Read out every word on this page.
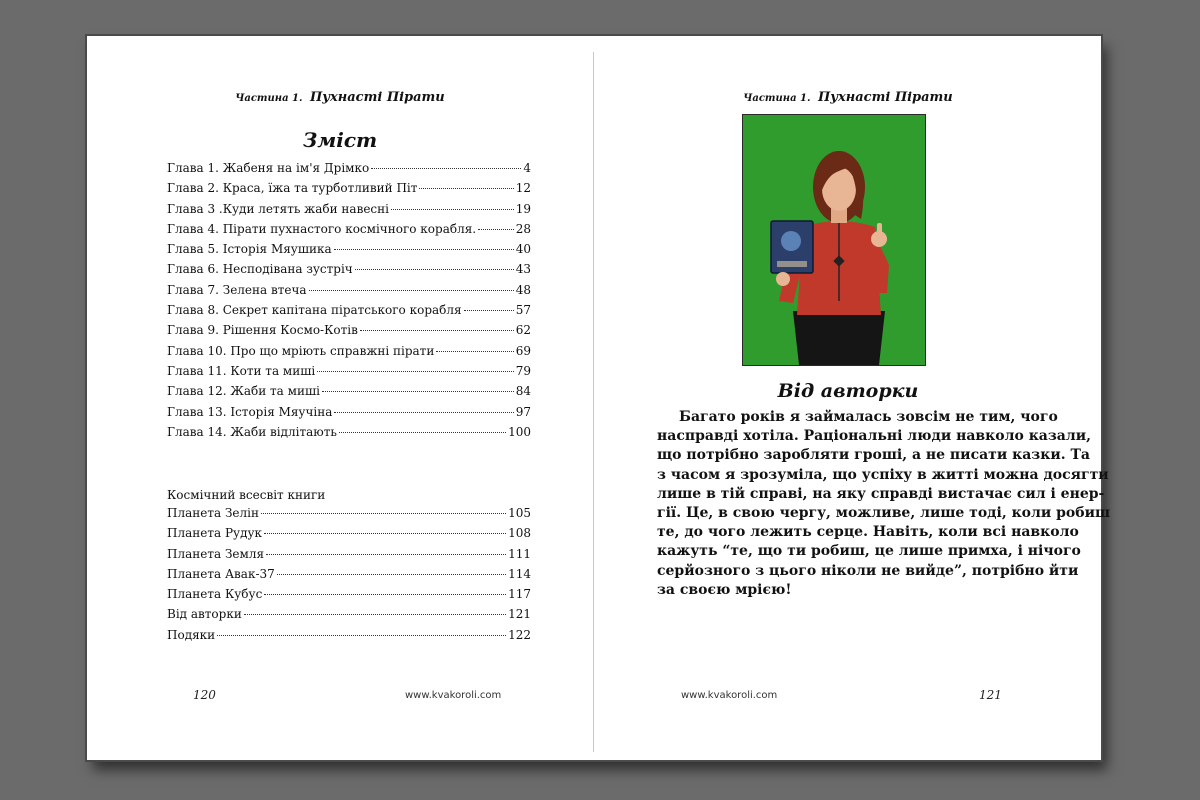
Частина 1. Пухнасті Пірати
Зміст
Глава 1. Жабеня на ім'я Дрімко	4
Глава 2. Краса, їжа та турботливий Піт	12
Глава 3 .Куди летять жаби навесні	19
Глава 4. Пірати пухнастого космічного корабля.	28
Глава 5. Історія Мяушика	40
Глава 6. Несподівана зустріч	43
Глава 7. Зелена втеча	48
Глава 8. Секрет капітана піратського корабля	57
Глава 9. Рішення Космо-Котів	62
Глава 10. Про що мріють справжні пірати	69
Глава 11. Коти та миші	79
Глава 12. Жаби та миші	84
Глава 13. Історія Мяучіна	97
Глава 14. Жаби відлітають	100
Космічний всесвіт книги
Планета Зелін	105
Планета Рудук	108
Планета Земля	111
Планета Авак-37	114
Планета Кубус	117
Від авторки	121
Подяки	122
120	www.kvakoroli.com
Частина 1. Пухнасті Пірати
Від авторки
Багато років я займалась зовсім не тим, чого
насправді хотіла. Раціональні люди навколо казали,
що потрібно заробляти гроші, а не писати казки. Та
з часом я зрозуміла, що успіху в житті можна досягти
лише в тій справі, на яку справді вистачає сил і енер-
гії. Це, в свою чергу, можливе, лише тоді, коли робиш
те, до чого лежить серце. Навіть, коли всі навколо
кажуть “те, що ти робиш, це лише примха, і нічого
серйозного з цього ніколи не вийде”, потрібно йти
за своєю мрією!
www.kvakoroli.com	121
